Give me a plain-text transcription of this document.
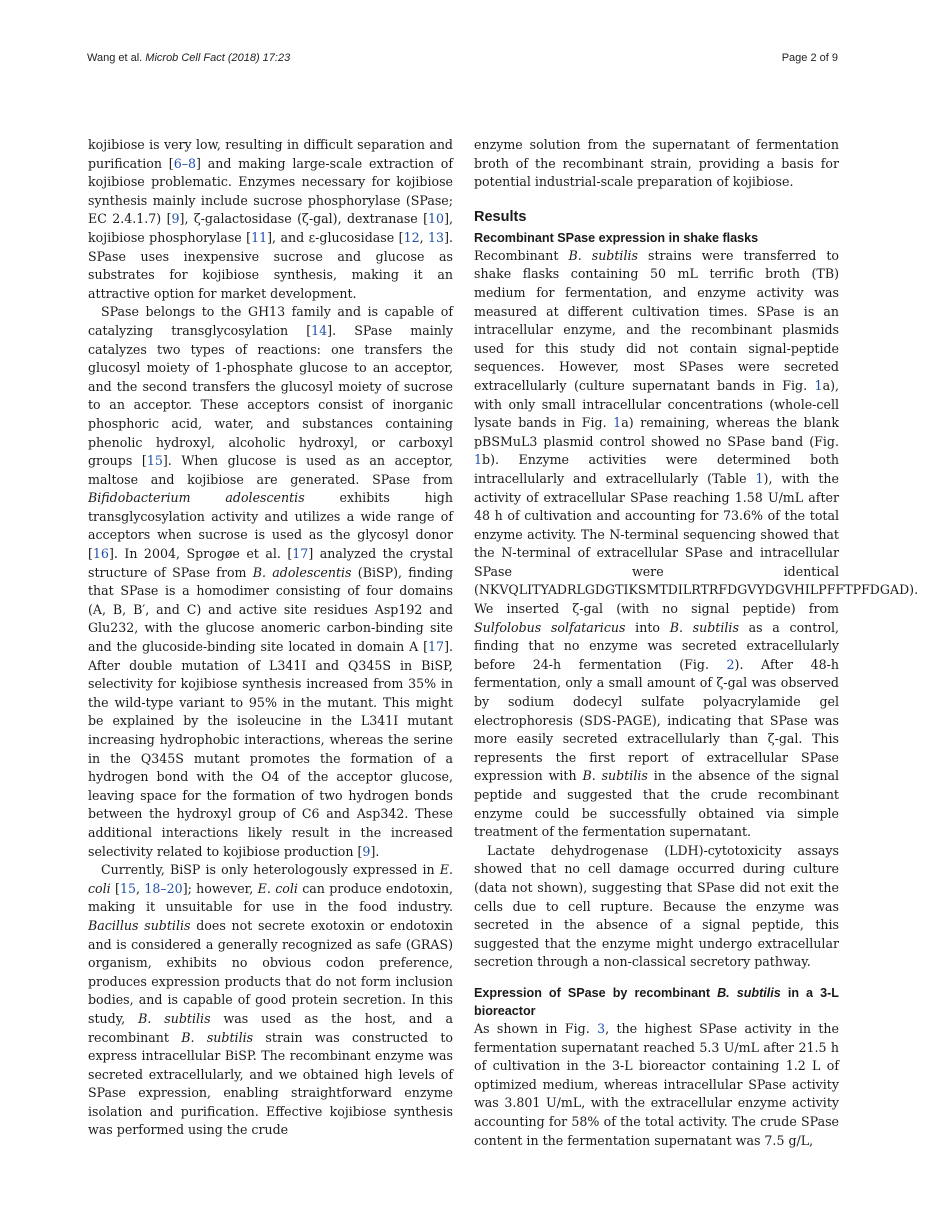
Wang et al. Microb Cell Fact (2018) 17:23	Page 2 of 9

kojibiose is very low, resulting in difficult separation and purification [6–8] and making large-scale extraction of kojibiose problematic. Enzymes necessary for kojibiose synthesis mainly include sucrose phosphorylase (SPase; EC 2.4.1.7) [9], ζ-galactosidase (ζ-gal), dextranase [10], kojibiose phosphorylase [11], and ε-glucosidase [12, 13]. SPase uses inexpensive sucrose and glucose as substrates for kojibiose synthesis, making it an attractive option for market development.

SPase belongs to the GH13 family and is capable of catalyzing transglycosylation [14]. SPase mainly catalyzes two types of reactions: one transfers the glucosyl moiety of 1-phosphate glucose to an acceptor, and the second transfers the glucosyl moiety of sucrose to an acceptor. These acceptors consist of inorganic phosphoric acid, water, and substances containing phenolic hydroxyl, alcoholic hydroxyl, or carboxyl groups [15]. When glucose is used as an acceptor, maltose and kojibiose are generated. SPase from Bifidobacterium adolescentis exhibits high transglycosylation activity and utilizes a wide range of acceptors when sucrose is used as the glycosyl donor [16]. In 2004, Sprogøe et al. [17] analyzed the crystal structure of SPase from B. adolescentis (BiSP), finding that SPase is a homodimer consisting of four domains (A, B, B′, and C) and active site residues Asp192 and Glu232, with the glucose anomeric carbon-binding site and the glucoside-binding site located in domain A [17]. After double mutation of L341I and Q345S in BiSP, selectivity for kojibiose synthesis increased from 35% in the wild-type variant to 95% in the mutant. This might be explained by the isoleucine in the L341I mutant increasing hydrophobic interactions, whereas the serine in the Q345S mutant promotes the formation of a hydrogen bond with the O4 of the acceptor glucose, leaving space for the formation of two hydrogen bonds between the hydroxyl group of C6 and Asp342. These additional interactions likely result in the increased selectivity related to kojibiose production [9].

Currently, BiSP is only heterologously expressed in E. coli [15, 18–20]; however, E. coli can produce endotoxin, making it unsuitable for use in the food industry. Bacillus subtilis does not secrete exotoxin or endotoxin and is considered a generally recognized as safe (GRAS) organism, exhibits no obvious codon preference, produces expression products that do not form inclusion bodies, and is capable of good protein secretion. In this study, B. subtilis was used as the host, and a recombinant B. subtilis strain was constructed to express intracellular BiSP. The recombinant enzyme was secreted extracellularly, and we obtained high levels of SPase expression, enabling straightforward enzyme isolation and purification. Effective kojibiose synthesis was performed using the crude

enzyme solution from the supernatant of fermentation broth of the recombinant strain, providing a basis for potential industrial-scale preparation of kojibiose.

Results
Recombinant SPase expression in shake flasks

Recombinant B. subtilis strains were transferred to shake flasks containing 50 mL terrific broth (TB) medium for fermentation, and enzyme activity was measured at different cultivation times. SPase is an intracellular enzyme, and the recombinant plasmids used for this study did not contain signal-peptide sequences. However, most SPases were secreted extracellularly (culture supernatant bands in Fig. 1a), with only small intracellular concentrations (whole-cell lysate bands in Fig. 1a) remaining, whereas the blank pBSMuL3 plasmid control showed no SPase band (Fig. 1b). Enzyme activities were determined both intracellularly and extracellularly (Table 1), with the activity of extracellular SPase reaching 1.58 U/mL after 48 h of cultivation and accounting for 73.6% of the total enzyme activity. The N-terminal sequencing showed that the N-terminal of extracellular SPase and intracellular SPase were identical (NKVQLITYADRLGDGTIKSMTDILRTRFDGVYDGVHILPFFTPFDGAD). We inserted ζ-gal (with no signal peptide) from Sulfolobus solfataricus into B. subtilis as a control, finding that no enzyme was secreted extracellularly before 24-h fermentation (Fig. 2). After 48-h fermentation, only a small amount of ζ-gal was observed by sodium dodecyl sulfate polyacrylamide gel electrophoresis (SDS-PAGE), indicating that SPase was more easily secreted extracellularly than ζ-gal. This represents the first report of extracellular SPase expression with B. subtilis in the absence of the signal peptide and suggested that the crude recombinant enzyme could be successfully obtained via simple treatment of the fermentation supernatant.

Lactate dehydrogenase (LDH)-cytotoxicity assays showed that no cell damage occurred during culture (data not shown), suggesting that SPase did not exit the cells due to cell rupture. Because the enzyme was secreted in the absence of a signal peptide, this suggested that the enzyme might undergo extracellular secretion through a non-classical secretory pathway.

Expression of SPase by recombinant B. subtilis in a 3-L bioreactor

As shown in Fig. 3, the highest SPase activity in the fermentation supernatant reached 5.3 U/mL after 21.5 h of cultivation in the 3-L bioreactor containing 1.2 L of optimized medium, whereas intracellular SPase activity was 3.801 U/mL, with the extracellular enzyme activity accounting for 58% of the total activity. The crude SPase content in the fermentation supernatant was 7.5 g/L,
